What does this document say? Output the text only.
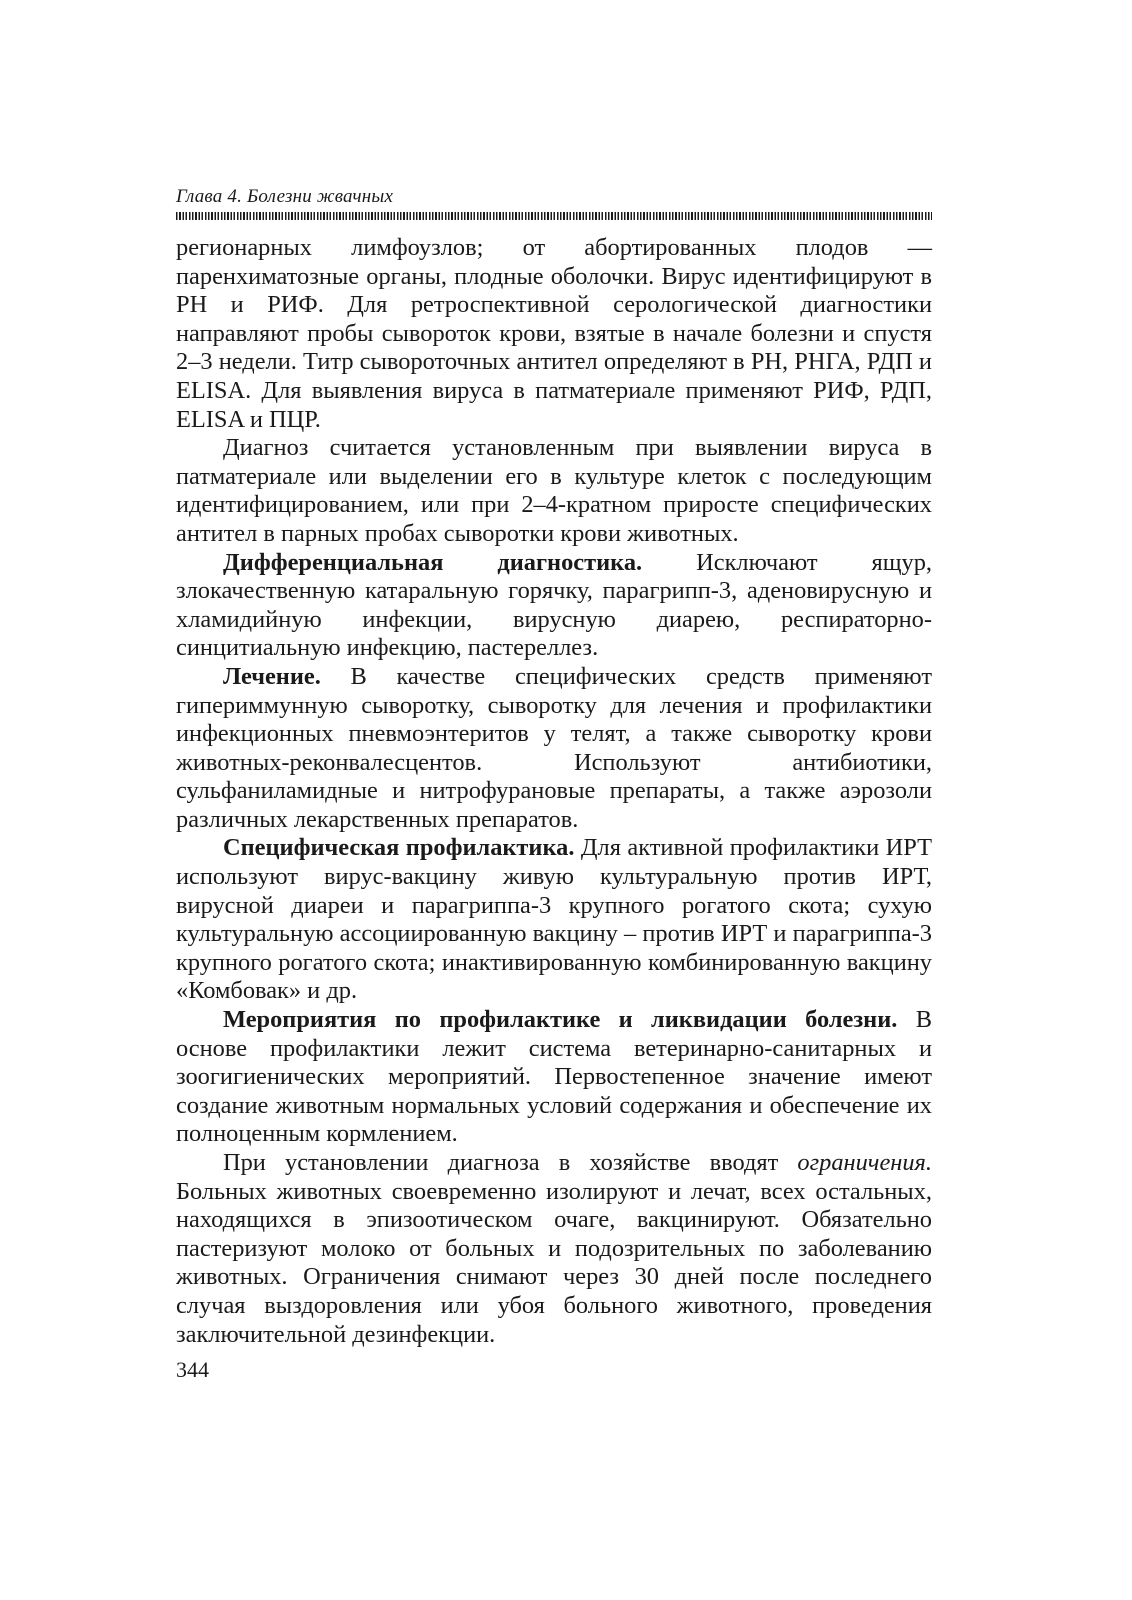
Глава 4. Болезни жвачных

регионарных лимфоузлов; от абортированных плодов — паренхиматозные органы, плодные оболочки. Вирус идентифицируют в РН и РИФ. Для ретроспективной серологической диагностики направляют пробы сывороток крови, взятые в начале болезни и спустя 2–3 недели. Титр сывороточных антител определяют в РН, РНГА, РДП и ELISA. Для выявления вируса в патматериале применяют РИФ, РДП, ELISA и ПЦР.

Диагноз считается установленным при выявлении вируса в патматериале или выделении его в культуре клеток с последующим идентифицированием, или при 2–4-кратном приросте специфических антител в парных пробах сыворотки крови животных.

Дифференциальная диагностика. Исключают ящур, злокачественную катаральную горячку, парагрипп-3, аденовирусную и хламидийную инфекции, вирусную диарею, респираторно-синцитиальную инфекцию, пастереллез.

Лечение. В качестве специфических средств применяют гипериммунную сыворотку, сыворотку для лечения и профилактики инфекционных пневмоэнтеритов у телят, а также сыворотку крови животных-реконвалесцентов. Используют антибиотики, сульфаниламидные и нитрофурановые препараты, а также аэрозоли различных лекарственных препаратов.

Специфическая профилактика. Для активной профилактики ИРТ используют вирус-вакцину живую культуральную против ИРТ, вирусной диареи и парагриппа-3 крупного рогатого скота; сухую культуральную ассоциированную вакцину – против ИРТ и парагриппа-3 крупного рогатого скота; инактивированную комбинированную вакцину «Комбовак» и др.

Мероприятия по профилактике и ликвидации болезни. В основе профилактики лежит система ветеринарно-санитарных и зоогигиенических мероприятий. Первостепенное значение имеют создание животным нормальных условий содержания и обеспечение их полноценным кормлением.

При установлении диагноза в хозяйстве вводят ограничения. Больных животных своевременно изолируют и лечат, всех остальных, находящихся в эпизоотическом очаге, вакцинируют. Обязательно пастеризуют молоко от больных и подозрительных по заболеванию животных. Ограничения снимают через 30 дней после последнего случая выздоровления или убоя больного животного, проведения заключительной дезинфекции.

344
